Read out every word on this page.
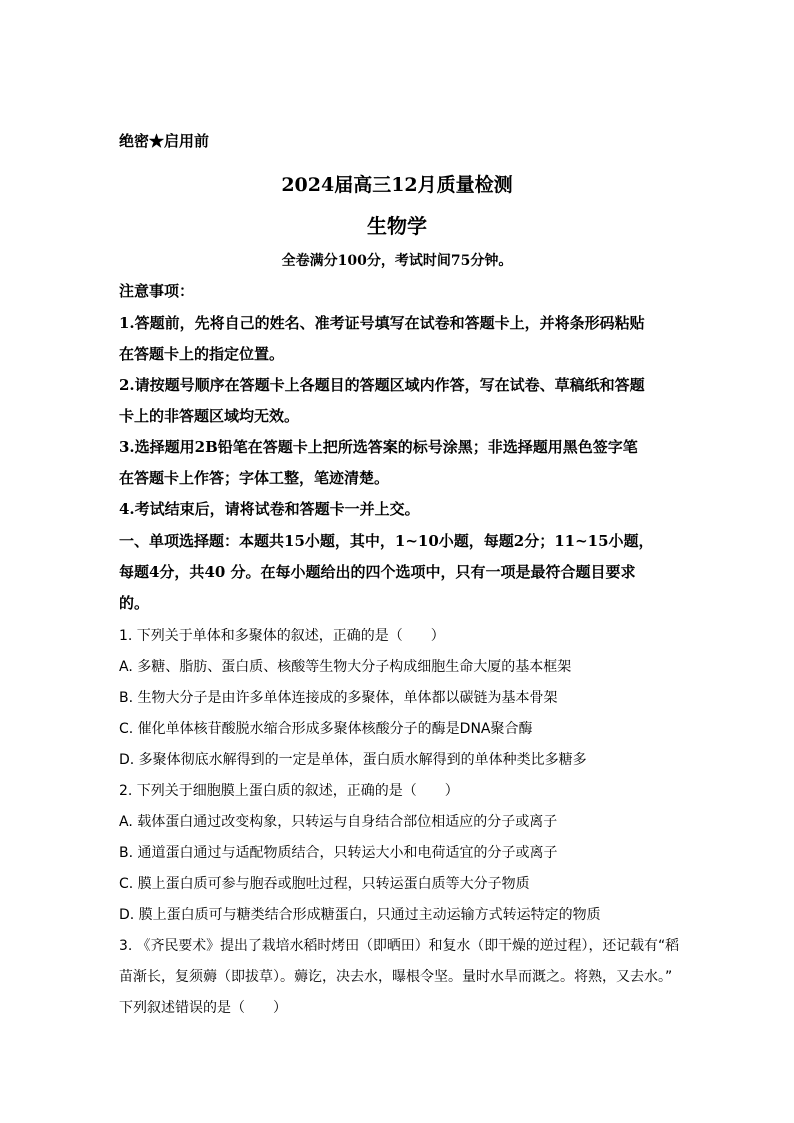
绝密★启用前
2024届高三12月质量检测
生物学
全卷满分100分，考试时间75分钟。
注意事项：
1.答题前，先将自己的姓名、准考证号填写在试卷和答题卡上，并将条形码粘贴
在答题卡上的指定位置。
2.请按题号顺序在答题卡上各题目的答题区域内作答，写在试卷、草稿纸和答题
卡上的非答题区域均无效。
3.选择题用2B铅笔在答题卡上把所选答案的标号涂黑；非选择题用黑色签字笔
在答题卡上作答；字体工整，笔迹清楚。
4.考试结束后，请将试卷和答题卡一并上交。
一、单项选择题：本题共15小题，其中，1~10小题，每题2分；11~15小题，
每题4分，共40 分。在每小题给出的四个选项中，只有一项是最符合题目要求
的。
1. 下列关于单体和多聚体的叙述，正确的是（　　）
A. 多糖、脂肪、蛋白质、核酸等生物大分子构成细胞生命大厦的基本框架
B. 生物大分子是由许多单体连接成的多聚体，单体都以碳链为基本骨架
C. 催化单体核苷酸脱水缩合形成多聚体核酸分子的酶是DNA聚合酶
D. 多聚体彻底水解得到的一定是单体，蛋白质水解得到的单体种类比多糖多
2. 下列关于细胞膜上蛋白质的叙述，正确的是（　　）
A. 载体蛋白通过改变构象，只转运与自身结合部位相适应的分子或离子
B. 通道蛋白通过与适配物质结合，只转运大小和电荷适宜的分子或离子
C. 膜上蛋白质可参与胞吞或胞吐过程，只转运蛋白质等大分子物质
D. 膜上蛋白质可与糖类结合形成糖蛋白，只通过主动运输方式转运特定的物质
3. 《齐民要术》提出了栽培水稻时烤田（即晒田）和复水（即干燥的逆过程），还记载有“稻
苗渐长，复须薅（即拔草）。薅讫，决去水，曝根令坚。量时水旱而溉之。将熟，又去水。”
下列叙述错误的是（　　）
